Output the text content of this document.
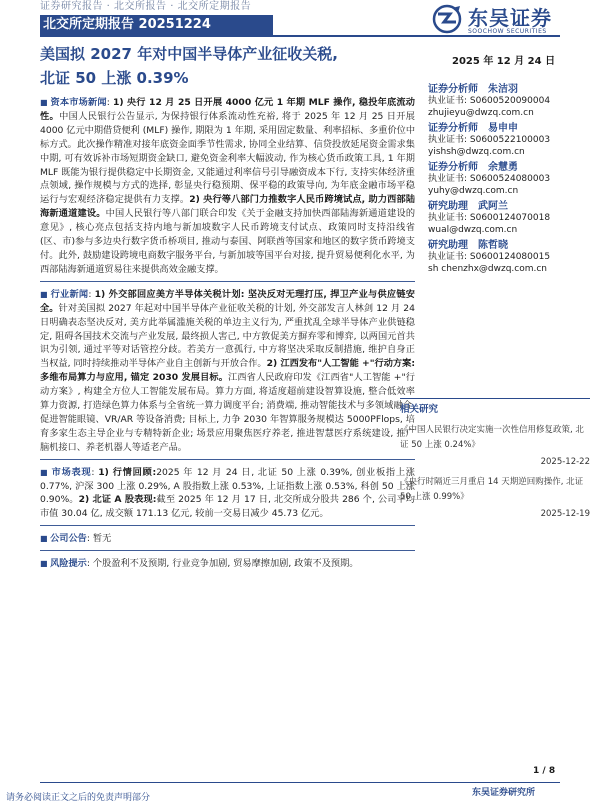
证券研究报告 · 北交所报告 · 北交所定期报告	东吴证券
SOOCHOW SECURITIES
北交所定期报告 20251224
美国拟 2027 年对中国半导体产业征收关税,
北证 50 上涨 0.39%
2025 年 12 月 24 日
■ 资本市场新闻: 1) 央行 12 月 25 日开展 4000 亿元 1 年期 MLF 操作, 稳投年底流动性。中国人民银行公告显示, 为保持银行体系流动性充裕, 将于 2025 年 12 月 25 日开展 4000 亿元中期借贷便利 (MLF) 操作, 期限为 1 年期, 采用固定数量、利率招标、多重价位中标方式。此次操作精准对接年底资金面季节性需求, 协同全业结算、信贷投放延尾资金需求集中期, 可有效诉补市场短期资金缺口, 避免资金利率大幅波动, 作为核心货币政策工具, 1 年期 MLF 既能为银行提供稳定中长期资金, 又能通过利率信号引导融资成本下行, 支持实体经济重点领域, 操作规模与方式的选择, 彰显央行稳预期、保平稳的政策导向, 为年底金融市场平稳运行与宏观经济稳定提供有力支撑。2) 央行等八部门力推数字人民币跨境试点, 助力西部陆海新通道建设。中国人民银行等八部门联合印发《关于金融支持加快西部陆海新通道建设的意见》, 核心亮点包括支持内地与新加坡数字人民币跨境支付试点、政策同时支持沿线省(区、市)参与多边央行数字货币桥项目, 推动与泰国、阿联酋等国家和地区的数字货币跨境支付。此外, 鼓励建设跨境电商数字服务平台, 与新加坡等国平台对接, 提升贸易便利化水平, 为西部陆海新通道贸易往来提供高效金融支撑。
■ 行业新闻: 1) 外交部回应美方半导体关税计划: 坚决反对无理打压, 捍卫产业与供应链安全。针对美国拟 2027 年起对中国半导体产业征收关税的计划, 外交部发言人林剑 12 月 24 日明确表态坚决反对, 美方此举属滥施关税的单边主义行为, 严重扰乱全球半导体产业供链稳定, 阻碍各国技术交流与产业发展, 最终损人害己, 中方敦促美方摒弃零和博弈, 以两国元首共识为引领, 通过平等对话管控分歧。若美方一意孤行, 中方将坚决采取反制措施, 维护自身正当权益, 同时持续推动半导体产业自主创新与开放合作。2) 江西发布"人工智能 +"行动方案: 多维布局算力与应用, 锚定 2030 发展目标。江西省人民政府印发《江西省"人工智能 +"行动方案》, 构建全方位人工智能发展布局。算力方面, 将适度超前建设智算设施, 整合低效率算力资源, 打造绿色算力体系与全省统一算力调度平台; 消费端, 推动智能技术与多领域融合, 促进智能眼镜、VR/AR 等设备消费; 目标上, 力争 2030 年智算服务规模达 5000PFlops, 培育多家生态主导企业与专精特新企业; 场景应用聚焦医疗养老, 推进智慧医疗系统建设, 推广脑机接口、养老机器人等适老产品。
■ 市场表现: 1) 行情回顾:2025 年 12 月 24 日, 北证 50 上涨 0.39%, 创业板指上涨 0.77%, 沪深 300 上涨 0.29%, A 股指数上涨 0.53%, 上证指数上涨 0.53%, 科创 50 上涨 0.90%。2) 北证 A 股表现:截至 2025 年 12 月 17 日, 北交所成分股共 286 个, 公司平均市值 30.04 亿, 成交额 171.13 亿元, 较前一交易日减少 45.73 亿元。
■ 公司公告: 暂无
■ 风险提示: 个股盈利不及预期, 行业竞争加剧, 贸易摩擦加剧, 政策不及预期。
证券分析师 朱洁羽
执业证书: S0600520090004
zhujieyu@dwzq.com.cn
证券分析师 易申申
执业证书: S0600522100003
yishsh@dwzq.com.cn
证券分析师 余慧勇
执业证书: S0600524080003
yuhy@dwzq.com.cn
研究助理 武阿兰
执业证书: S0600124070018
wual@dwzq.com.cn
研究助理 陈哲晓
执业证书: S0600124080015
sh chenzhx@dwzq.com.cn
相关研究
《中国人民银行决定实施一次性信用修复政策, 北证 50 上涨 0.24%》
2025-12-22
《央行时隔近三月重启 14 天期逆回购操作, 北证 50 上涨 0.99%》
2025-12-19
1 / 8
东吴证券研究所
请务必阅读正文之后的免责声明部分
